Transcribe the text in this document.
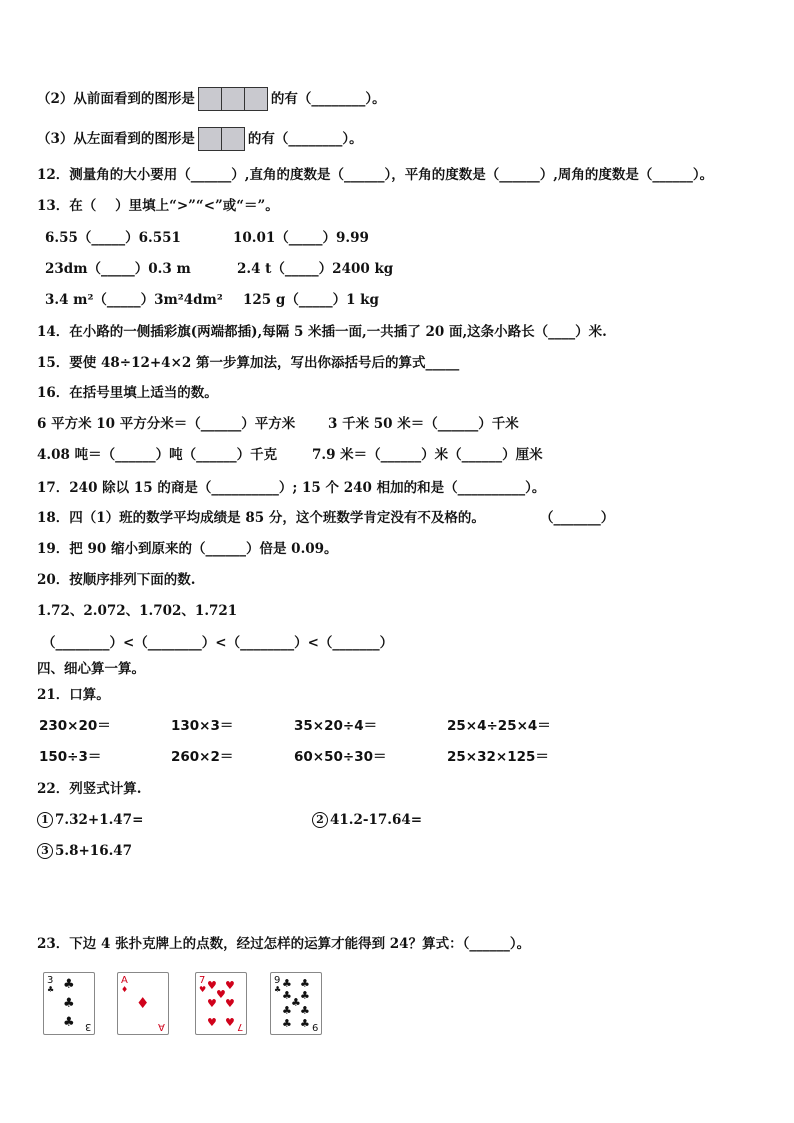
（2）从前面看到的图形是	的有（________）。
（3）从左面看到的图形是	的有（________）。
12．测量角的大小要用（______）,直角的度数是（______），平角的度数是（______）,周角的度数是（______）。
13．在（    ）里填上“>”“<”或“＝”。
6.55（_____）6.551	10.01（_____）9.99
23dm（_____）0.3 m	2.4 t（_____）2400 kg
3.4 m²（_____）3m²4dm² 125 g（_____）1 kg
14．在小路的一侧插彩旗(两端都插),每隔 5 米插一面,一共插了 20 面,这条小路长（____）米.
15．要使 48÷12+4×2 第一步算加法，写出你添括号后的算式_____
16．在括号里填上适当的数。
6 平方米 10 平方分米＝（______）平方米 3 千米 50 米＝（______）千米
4.08 吨＝（______）吨（______）千克	7.9 米＝（______）米（______）厘米
17．240 除以 15 的商是（__________）; 15 个 240 相加的和是（__________）。
18．四（1）班的数学平均成绩是 85 分，这个班数学肯定没有不及格的。	（_______）
19．把 90 缩小到原来的（______）倍是 0.09。
20．按顺序排列下面的数.
1.72、2.072、1.702、1.721
（________）<（________）<（________）<（_______）
四、细心算一算。
21．口算。
230×20＝	130×3＝	35×20÷4＝	25×4÷25×4＝
150÷3＝	260×2＝	60×50÷30＝	25×32×125＝
22．列竖式计算.
1 7.32+1.47=	2 41.2-17.64=
3 5.8+16.47
23．下边 4 张扑克牌上的点数，经过怎样的运算才能得到 24？算式：（______）。
3
♣ ♣
♣
♣ 3
A
♦
♦
A
7
♥ ♥ ♥
♥
♥ ♥
♥ ♥ 7
9
♣ ♣ ♣
♣ ♣
♣
♣ ♣
♣ ♣ 9
